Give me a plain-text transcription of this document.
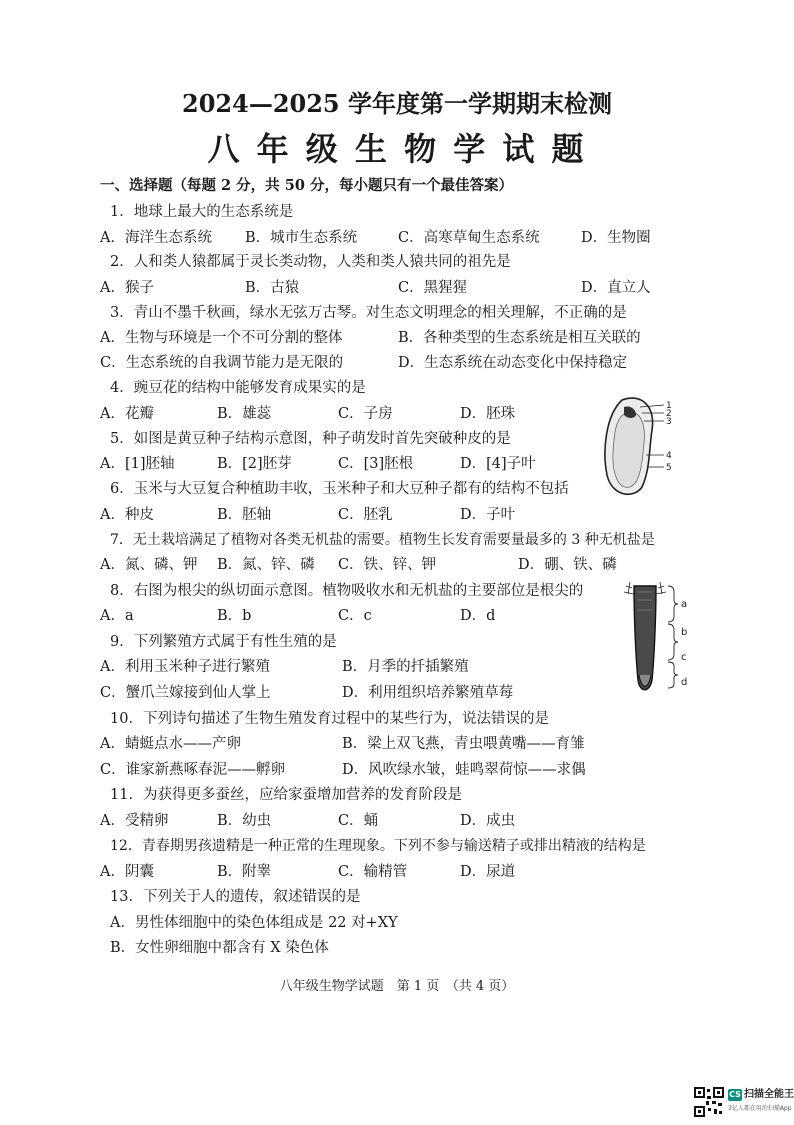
2024—2025 学年度第一学期期末检测
八 年 级 生 物 学 试 题
一、选择题（每题 2 分，共 50 分，每小题只有一个最佳答案）
1．地球上最大的生态系统是
A．海洋生态系统 B．城市生态系统	C．高寒草甸生态系统	D．生物圈
2．人和类人猿都属于灵长类动物，人类和类人猿共同的祖先是
A．猴子	B．古猿	C．黑猩猩	D．直立人
3．青山不墨千秋画，绿水无弦万古琴。对生态文明理念的相关理解，不正确的是
A．生物与环境是一个不可分割的整体	B．各种类型的生态系统是相互关联的
C．生态系统的自我调节能力是无限的	D．生态系统在动态变化中保持稳定
4．豌豆花的结构中能够发育成果实的是
A．花瓣	B．雄蕊	C．子房	D．胚珠
5．如图是黄豆种子结构示意图，种子萌发时首先突破种皮的是
A．[1]胚轴	B．[2]胚芽	C．[3]胚根	D．[4]子叶
6．玉米与大豆复合种植助丰收，玉米种子和大豆种子都有的结构不包括
A．种皮	B．胚轴	C．胚乳	D．子叶
7．无土栽培满足了植物对各类无机盐的需要。植物生长发育需要量最多的 3 种无机盐是
A．氮、磷、钾 B．氮、锌、磷 C．铁、锌、钾	D．硼、铁、磷
8．右图为根尖的纵切面示意图。植物吸收水和无机盐的主要部位是根尖的
A．a	B．b	C．c	D．d
9．下列繁殖方式属于有性生殖的是
A．利用玉米种子进行繁殖	B．月季的扦插繁殖
C．蟹爪兰嫁接到仙人掌上	D．利用组织培养繁殖草莓
10．下列诗句描述了生物生殖发育过程中的某些行为，说法错误的是
A．蜻蜓点水——产卵	B．梁上双飞燕，青虫喂黄嘴——育雏
C．谁家新燕啄春泥——孵卵	D．风吹绿水皱，蛙鸣翠荷惊——求偶
11．为获得更多蚕丝，应给家蚕增加营养的发育阶段是
A．受精卵	B．幼虫	C．蛹	D．成虫
12．青春期男孩遗精是一种正常的生理现象。下列不参与输送精子或排出精液的结构是
A．阴囊	B．附睾	C．输精管	D．尿道
13．下列关于人的遗传，叙述错误的是
A．男性体细胞中的染色体组成是 22 对+XY
B．女性卵细胞中都含有 X 染色体
1
2
3
4
5
a
b
c
d
八年级生物学试题　第 1 页　（共 4 页）
CS 扫描全能王
3亿人都在用的扫描App
